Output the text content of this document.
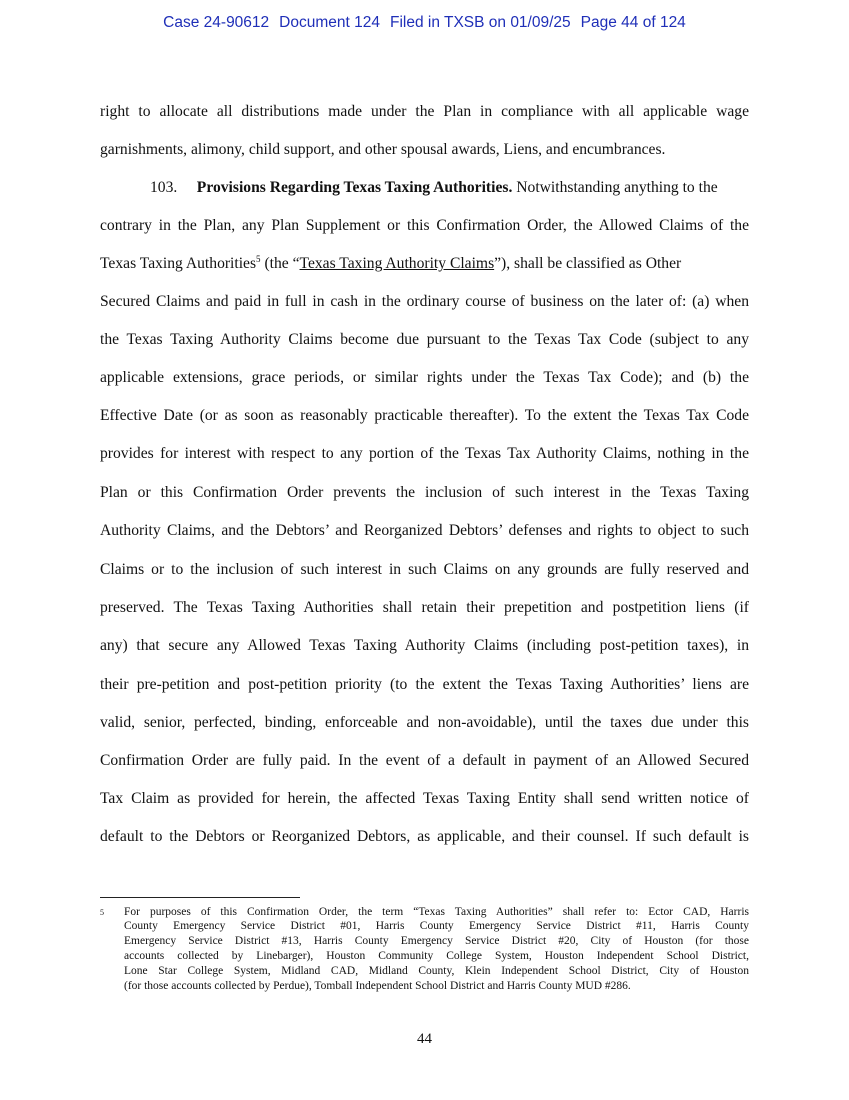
Case 24-90612 Document 124 Filed in TXSB on 01/09/25 Page 44 of 124
right to allocate all distributions made under the Plan in compliance with all applicable wage
garnishments, alimony, child support, and other spousal awards, Liens, and encumbrances.
103. Provisions Regarding Texas Taxing Authorities. Notwithstanding anything to the
contrary in the Plan, any Plan Supplement or this Confirmation Order, the Allowed Claims of the
Texas Taxing Authorities$^5$ (the “Texas Taxing Authority Claims”), shall be classified as Other
Secured Claims and paid in full in cash in the ordinary course of business on the later of: (a) when
the Texas Taxing Authority Claims become due pursuant to the Texas Tax Code (subject to any
applicable extensions, grace periods, or similar rights under the Texas Tax Code); and (b) the
Effective Date (or as soon as reasonably practicable thereafter). To the extent the Texas Tax Code
provides for interest with respect to any portion of the Texas Tax Authority Claims, nothing in the
Plan or this Confirmation Order prevents the inclusion of such interest in the Texas Taxing
Authority Claims, and the Debtors’ and Reorganized Debtors’ defenses and rights to object to such
Claims or to the inclusion of such interest in such Claims on any grounds are fully reserved and
preserved. The Texas Taxing Authorities shall retain their prepetition and postpetition liens (if
any) that secure any Allowed Texas Taxing Authority Claims (including post-petition taxes), in
their pre-petition and post-petition priority (to the extent the Texas Taxing Authorities’ liens are
valid, senior, perfected, binding, enforceable and non-avoidable), until the taxes due under this
Confirmation Order are fully paid. In the event of a default in payment of an Allowed Secured
Tax Claim as provided for herein, the affected Texas Taxing Entity shall send written notice of
default to the Debtors or Reorganized Debtors, as applicable, and their counsel. If such default is
5 For purposes of this Confirmation Order, the term “Texas Taxing Authorities” shall refer to: Ector CAD, Harris
County Emergency Service District #01, Harris County Emergency Service District #11, Harris County
Emergency Service District #13, Harris County Emergency Service District #20, City of Houston (for those
accounts collected by Linebarger), Houston Community College System, Houston Independent School District,
Lone Star College System, Midland CAD, Midland County, Klein Independent School District, City of Houston
(for those accounts collected by Perdue), Tomball Independent School District and Harris County MUD #286.
44
